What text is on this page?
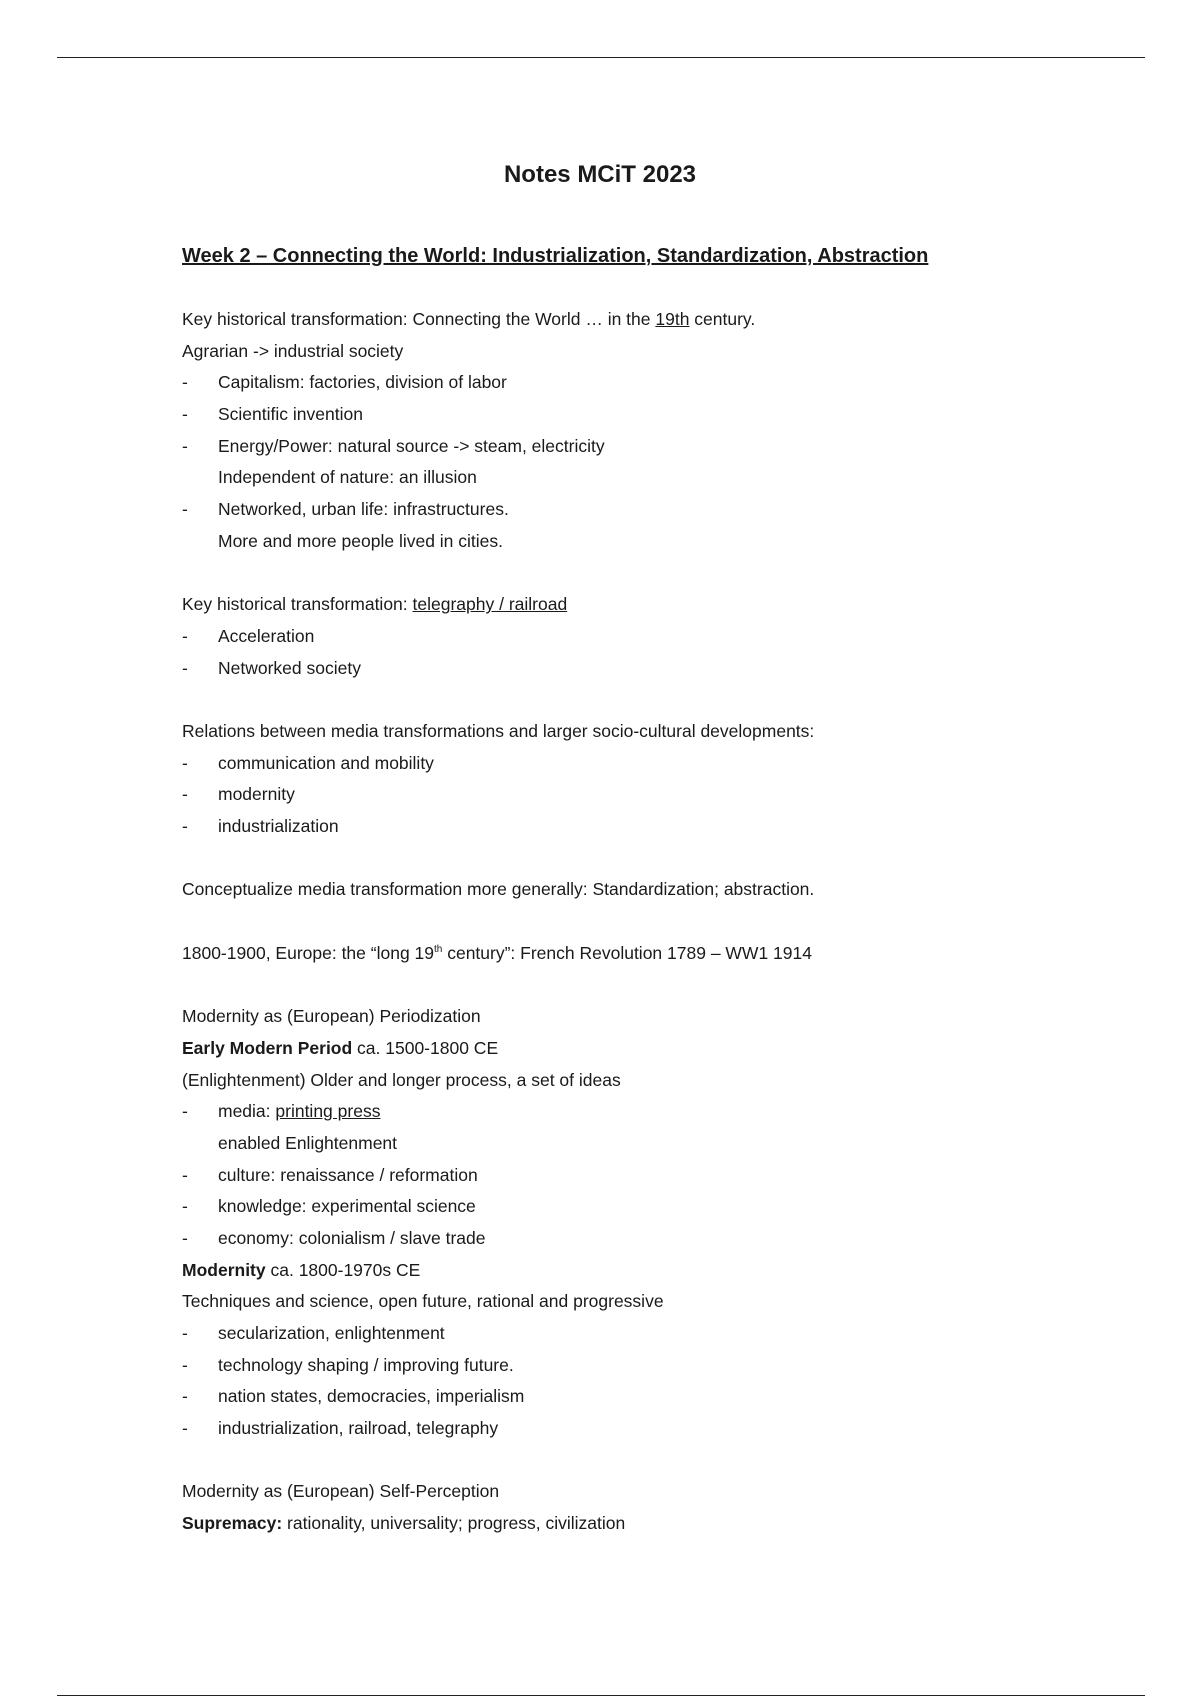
Notes MCiT 2023
Week 2 – Connecting the World: Industrialization, Standardization, Abstraction
Key historical transformation: Connecting the World … in the 19th century.
Agrarian -> industrial society
- Capitalism: factories, division of labor
- Scientific invention
- Energy/Power: natural source -> steam, electricity
Independent of nature: an illusion
- Networked, urban life: infrastructures.
More and more people lived in cities.
Key historical transformation: telegraphy / railroad
- Acceleration
- Networked society
Relations between media transformations and larger socio-cultural developments:
- communication and mobility
- modernity
- industrialization
Conceptualize media transformation more generally: Standardization; abstraction.
1800-1900, Europe: the “long 19th century”: French Revolution 1789 – WW1 1914
Modernity as (European) Periodization
Early Modern Period ca. 1500-1800 CE
(Enlightenment) Older and longer process, a set of ideas
- media: printing press
enabled Enlightenment
- culture: renaissance / reformation
- knowledge: experimental science
- economy: colonialism / slave trade
Modernity ca. 1800-1970s CE
Techniques and science, open future, rational and progressive
- secularization, enlightenment
- technology shaping / improving future.
- nation states, democracies, imperialism
- industrialization, railroad, telegraphy
Modernity as (European) Self-Perception
Supremacy: rationality, universality; progress, civilization
